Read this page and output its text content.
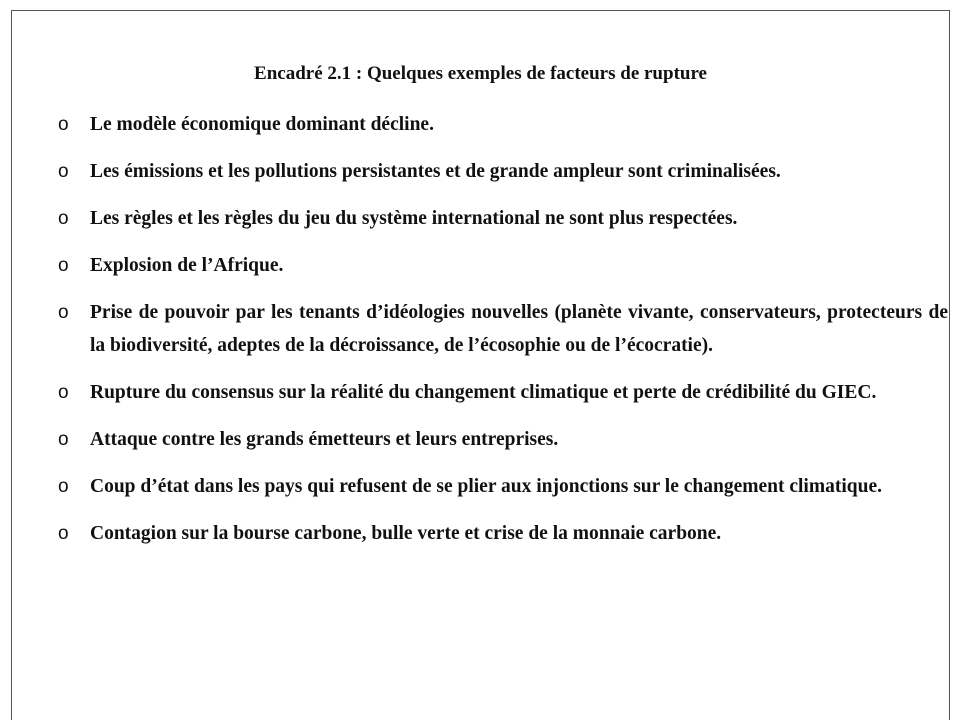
Encadré 2.1 : Quelques exemples de facteurs de rupture
o Le modèle économique dominant décline.
o Les émissions et les pollutions persistantes et de grande ampleur sont criminalisées.
o Les règles et les règles du jeu du système international ne sont plus respectées.
o Explosion de l’Afrique.
o Prise de pouvoir par les tenants d’idéologies nouvelles (planète vivante, conservateurs, protecteurs de la biodiversité, adeptes de la décroissance, de l’écosophie ou de l’écocratie).
o Rupture du consensus sur la réalité du changement climatique et perte de crédibilité du GIEC.
o Attaque contre les grands émetteurs et leurs entreprises.
o Coup d’état dans les pays qui refusent de se plier aux injonctions sur le changement climatique.
o Contagion sur la bourse carbone, bulle verte et crise de la monnaie carbone.
